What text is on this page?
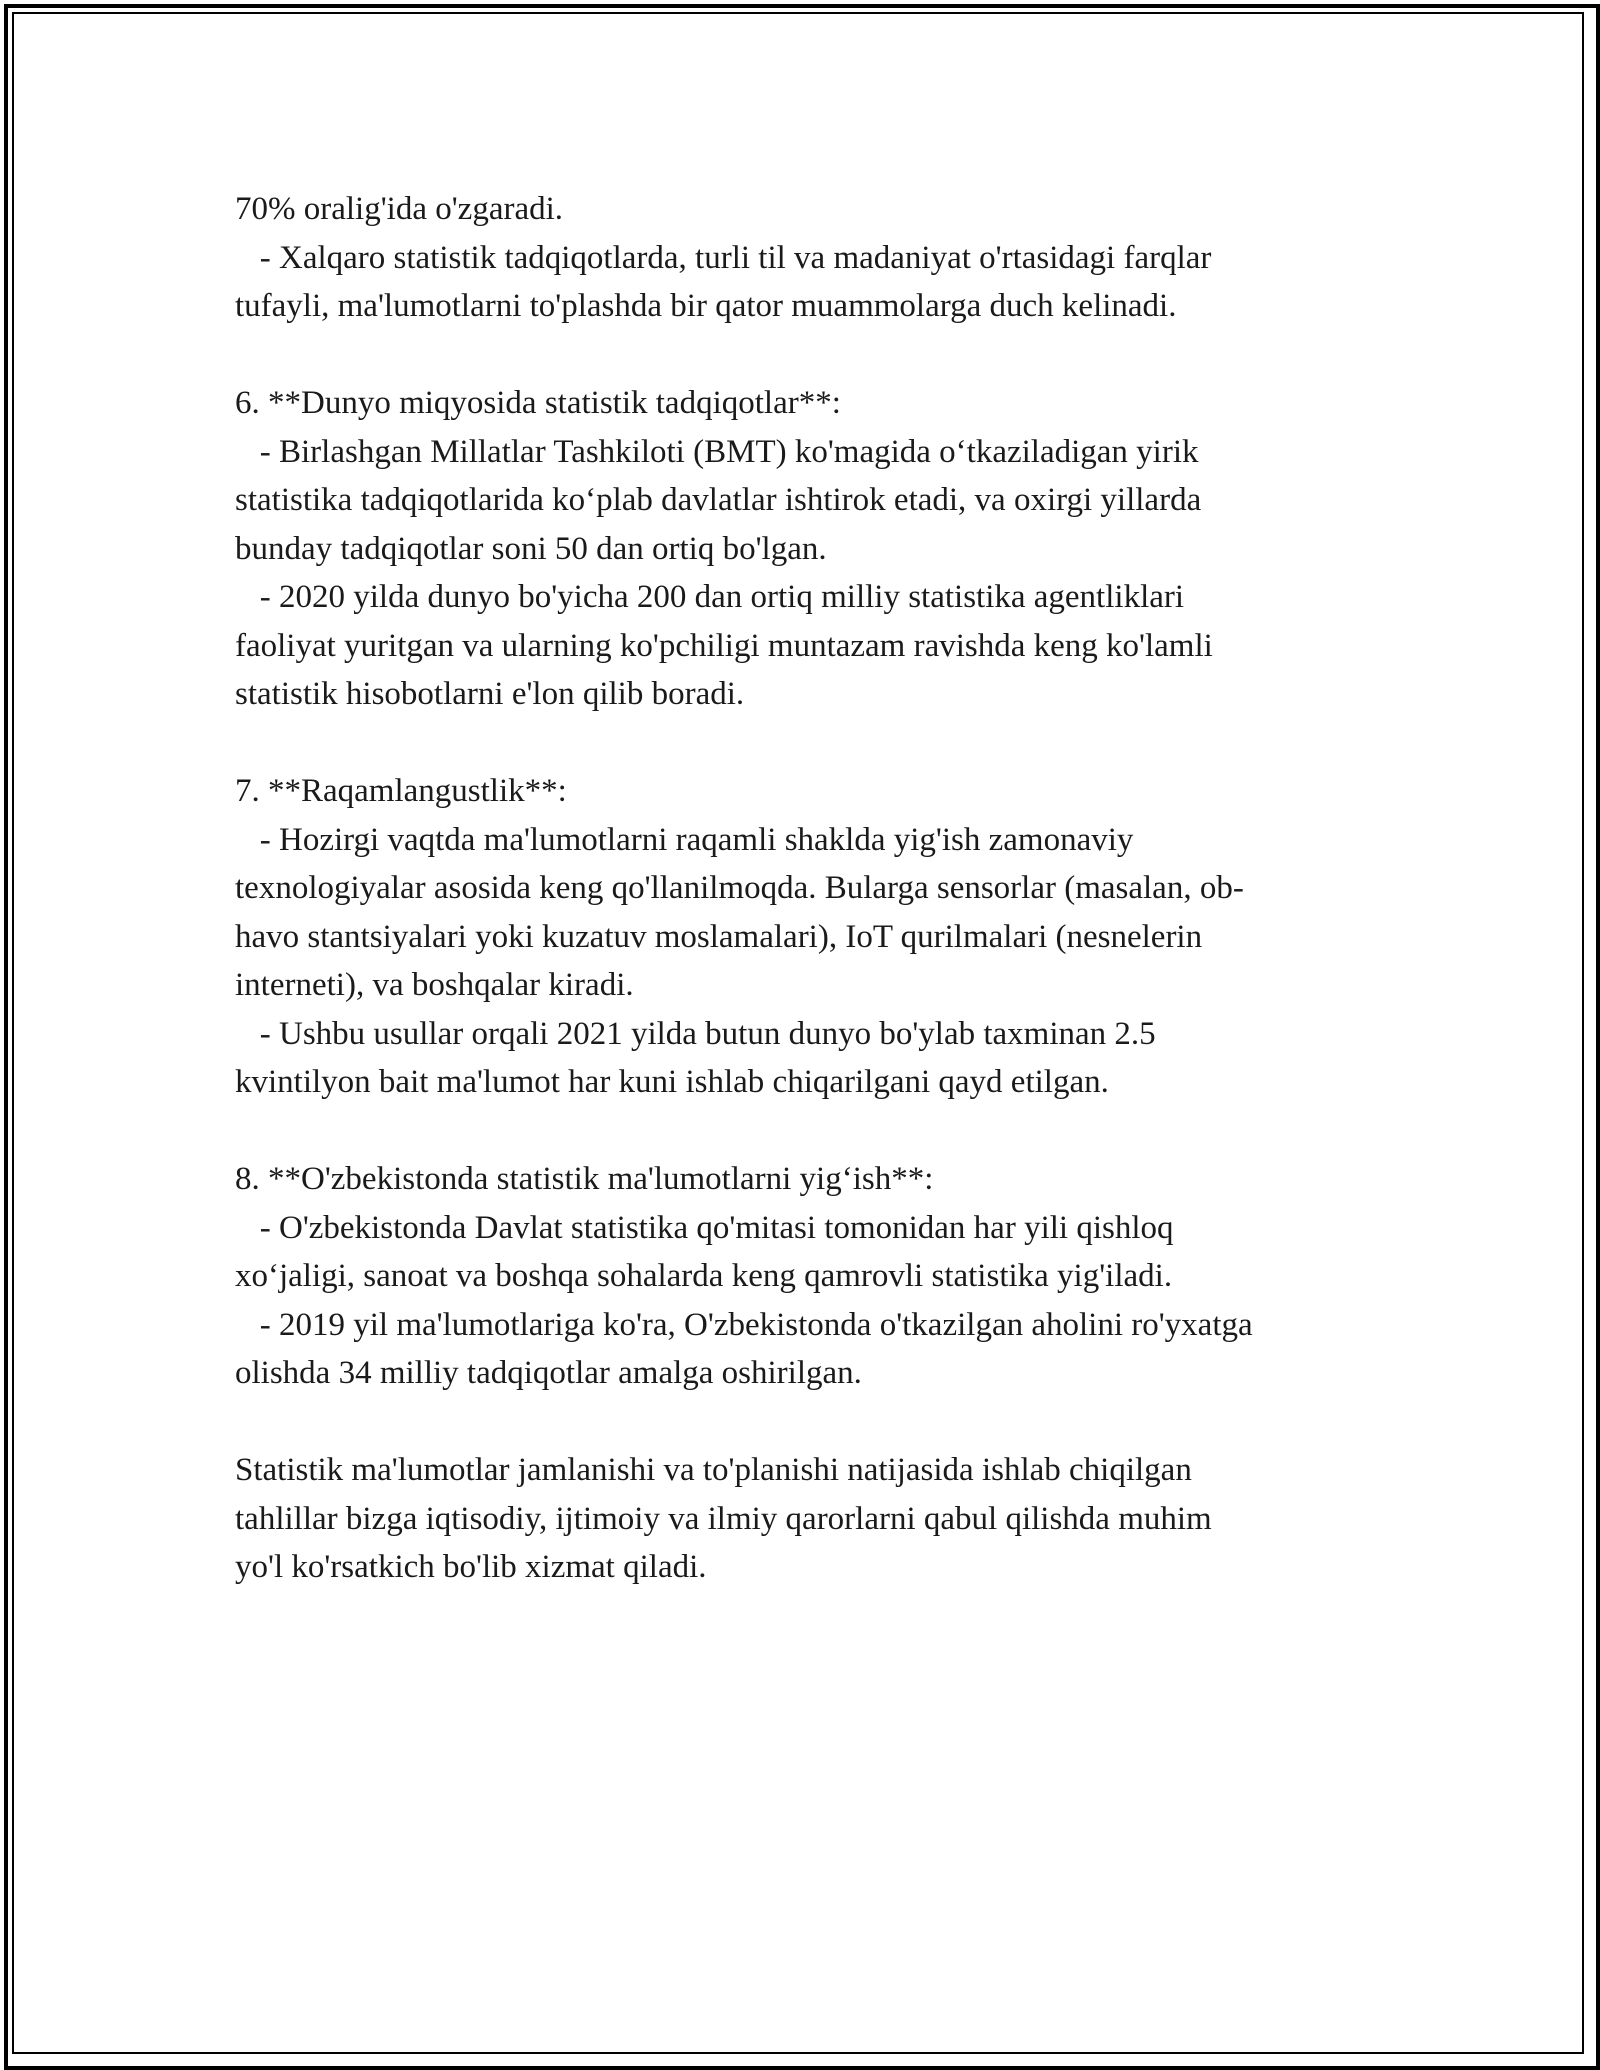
70% oralig'ida o'zgaradi.
- Xalqaro statistik tadqiqotlarda, turli til va madaniyat o'rtasidagi farqlar
tufayli, ma'lumotlarni to'plashda bir qator muammolarga duch kelinadi.
6. **Dunyo miqyosida statistik tadqiqotlar**:
- Birlashgan Millatlar Tashkiloti (BMT) ko'magida o‘tkaziladigan yirik
statistika tadqiqotlarida ko‘plab davlatlar ishtirok etadi, va oxirgi yillarda
bunday tadqiqotlar soni 50 dan ortiq bo'lgan.
- 2020 yilda dunyo bo'yicha 200 dan ortiq milliy statistika agentliklari
faoliyat yuritgan va ularning ko'pchiligi muntazam ravishda keng ko'lamli
statistik hisobotlarni e'lon qilib boradi.
7. **Raqamlangustlik**:
- Hozirgi vaqtda ma'lumotlarni raqamli shaklda yig'ish zamonaviy
texnologiyalar asosida keng qo'llanilmoqda. Bularga sensorlar (masalan, ob-
havo stantsiyalari yoki kuzatuv moslamalari), IoT qurilmalari (nesnelerin
interneti), va boshqalar kiradi.
- Ushbu usullar orqali 2021 yilda butun dunyo bo'ylab taxminan 2.5
kvintilyon bait ma'lumot har kuni ishlab chiqarilgani qayd etilgan.
8. **O'zbekistonda statistik ma'lumotlarni yig‘ish**:
- O'zbekistonda Davlat statistika qo'mitasi tomonidan har yili qishloq
xo‘jaligi, sanoat va boshqa sohalarda keng qamrovli statistika yig'iladi.
- 2019 yil ma'lumotlariga ko'ra, O'zbekistonda o'tkazilgan aholini ro'yxatga
olishda 34 milliy tadqiqotlar amalga oshirilgan.
Statistik ma'lumotlar jamlanishi va to'planishi natijasida ishlab chiqilgan
tahlillar bizga iqtisodiy, ijtimoiy va ilmiy qarorlarni qabul qilishda muhim
yo'l ko'rsatkich bo'lib xizmat qiladi.
